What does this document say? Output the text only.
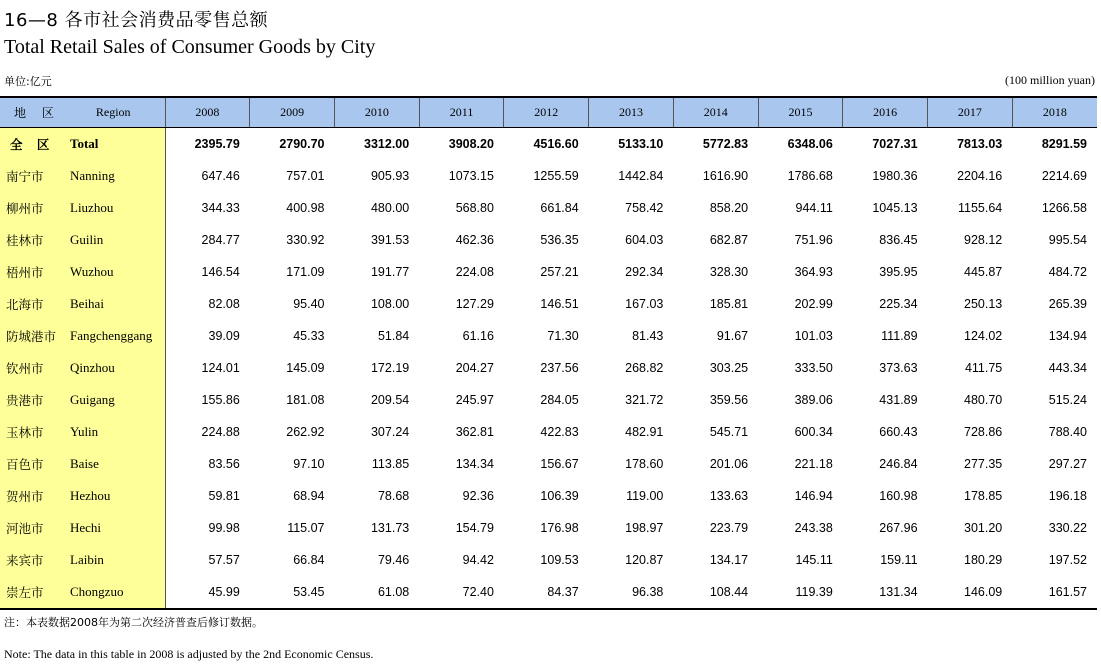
16—8 各市社会消费品零售总额
Total Retail Sales of Consumer Goods by City
单位:亿元	(100 million yuan)
地 区 Region	2008	2009	2010	2011	2012	2013	2014	2015	2016	2017	2018

全 区 Total	2395.79	2790.70	3312.00	3908.20	4516.60	5133.10	5772.83	6348.06	7027.31	7813.03	8291.59

南宁市 Nanning	647.46	757.01	905.93	1073.15	1255.59	1442.84	1616.90	1786.68	1980.36	2204.16	2214.69

柳州市 Liuzhou	344.33	400.98	480.00	568.80	661.84	758.42	858.20	944.11	1045.13	1155.64	1266.58

桂林市 Guilin	284.77	330.92	391.53	462.36	536.35	604.03	682.87	751.96	836.45	928.12	995.54

梧州市 Wuzhou	146.54	171.09	191.77	224.08	257.21	292.34	328.30	364.93	395.95	445.87	484.72

北海市 Beihai	82.08	95.40	108.00	127.29	146.51	167.03	185.81	202.99	225.34	250.13	265.39

防城港市 Fangchenggang	39.09	45.33	51.84	61.16	71.30	81.43	91.67	101.03	111.89	124.02	134.94

钦州市 Qinzhou	124.01	145.09	172.19	204.27	237.56	268.82	303.25	333.50	373.63	411.75	443.34

贵港市 Guigang	155.86	181.08	209.54	245.97	284.05	321.72	359.56	389.06	431.89	480.70	515.24

玉林市 Yulin	224.88	262.92	307.24	362.81	422.83	482.91	545.71	600.34	660.43	728.86	788.40

百色市 Baise	83.56	97.10	113.85	134.34	156.67	178.60	201.06	221.18	246.84	277.35	297.27

贺州市 Hezhou	59.81	68.94	78.68	92.36	106.39	119.00	133.63	146.94	160.98	178.85	196.18

河池市 Hechi	99.98	115.07	131.73	154.79	176.98	198.97	223.79	243.38	267.96	301.20	330.22

来宾市 Laibin	57.57	66.84	79.46	94.42	109.53	120.87	134.17	145.11	159.11	180.29	197.52

崇左市 Chongzuo	45.99	53.45	61.08	72.40	84.37	96.38	108.44	119.39	131.34	146.09	161.57
注：本表数据2008年为第二次经济普查后修订数据。
Note: The data in this table in 2008 is adjusted by the 2nd Economic Census.
